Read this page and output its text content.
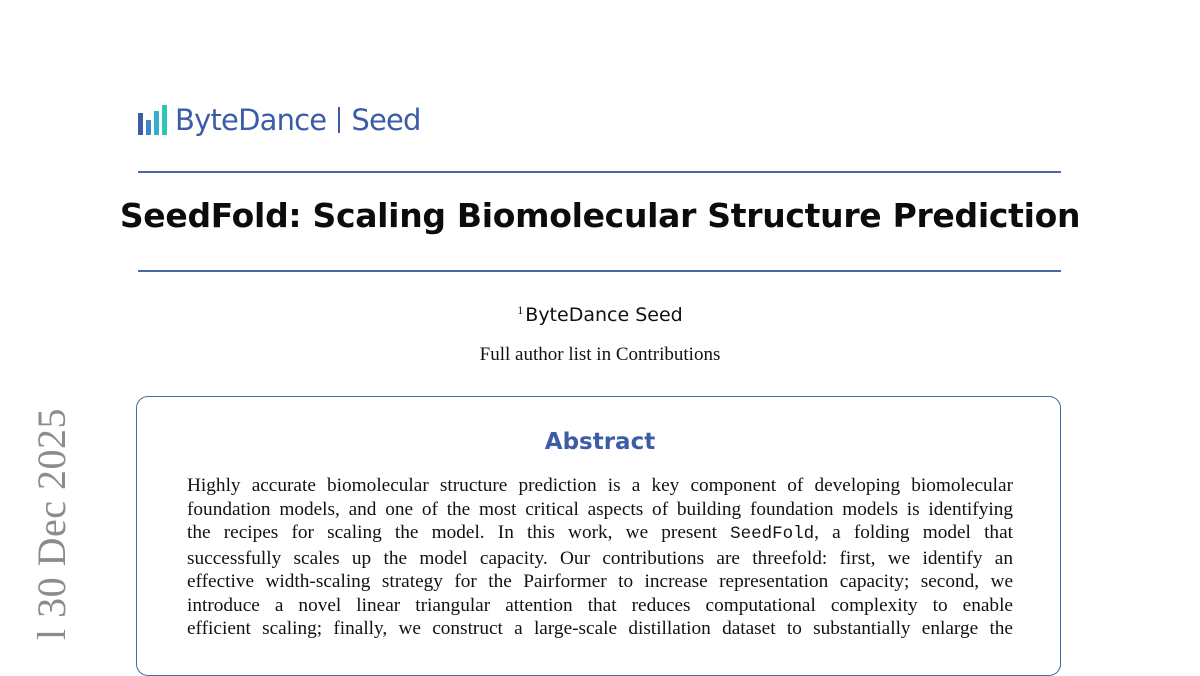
ByteDance Seed
SeedFold: Scaling Biomolecular Structure Prediction
$^1$ ByteDance Seed
Full author list in Contributions
Abstract
Highly accurate biomolecular structure prediction is a key component of developing biomolecular
foundation models, and one of the most critical aspects of building foundation models is identifying
the recipes for scaling the model. In this work, we present SeedFold, a folding model that
successfully scales up the model capacity. Our contributions are threefold: first, we identify an
effective width-scaling strategy for the Pairformer to increase representation capacity; second, we
introduce a novel linear triangular attention that reduces computational complexity to enable
efficient scaling; finally, we construct a large-scale distillation dataset to substantially enlarge the
l 30 Dec 2025
